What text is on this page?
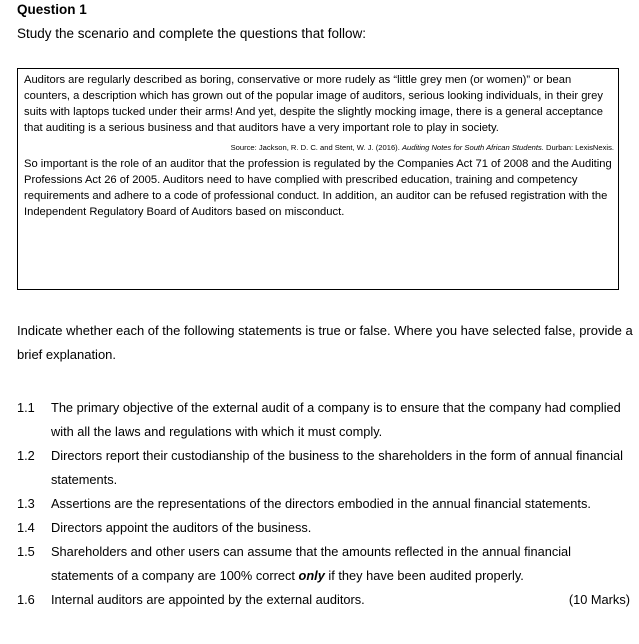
Question 1
Study the scenario and complete the questions that follow:

Auditors are regularly described as boring, conservative or more rudely as “little grey men (or women)” or bean counters, a description which has grown out of the popular image of auditors, serious looking individuals, in their grey suits with laptops tucked under their arms! And yet, despite the slightly mocking image, there is a general acceptance that auditing is a serious business and that auditors have a very important role to play in society.

Source: Jackson, R. D. C. and Stent, W. J. (2016). Auditing Notes for South African Students. Durban: LexisNexis.

So important is the role of an auditor that the profession is regulated by the Companies Act 71 of 2008 and the Auditing Professions Act 26 of 2005. Auditors need to have complied with prescribed education, training and competency requirements and adhere to a code of professional conduct. In addition, an auditor can be refused registration with the Independent Regulatory Board of Auditors based on misconduct.

Indicate whether each of the following statements is true or false. Where you have selected false, provide a brief explanation.

1.1 The primary objective of the external audit of a company is to ensure that the company had complied with all the laws and regulations with which it must comply.

1.2 Directors report their custodianship of the business to the shareholders in the form of annual financial statements.

1.3 Assertions are the representations of the directors embodied in the annual financial statements.

1.4 Directors appoint the auditors of the business.

1.5 Shareholders and other users can assume that the amounts reflected in the annual financial statements of a company are 100% correct only if they have been audited properly.

1.6 Internal auditors are appointed by the external auditors.	(10 Marks)
